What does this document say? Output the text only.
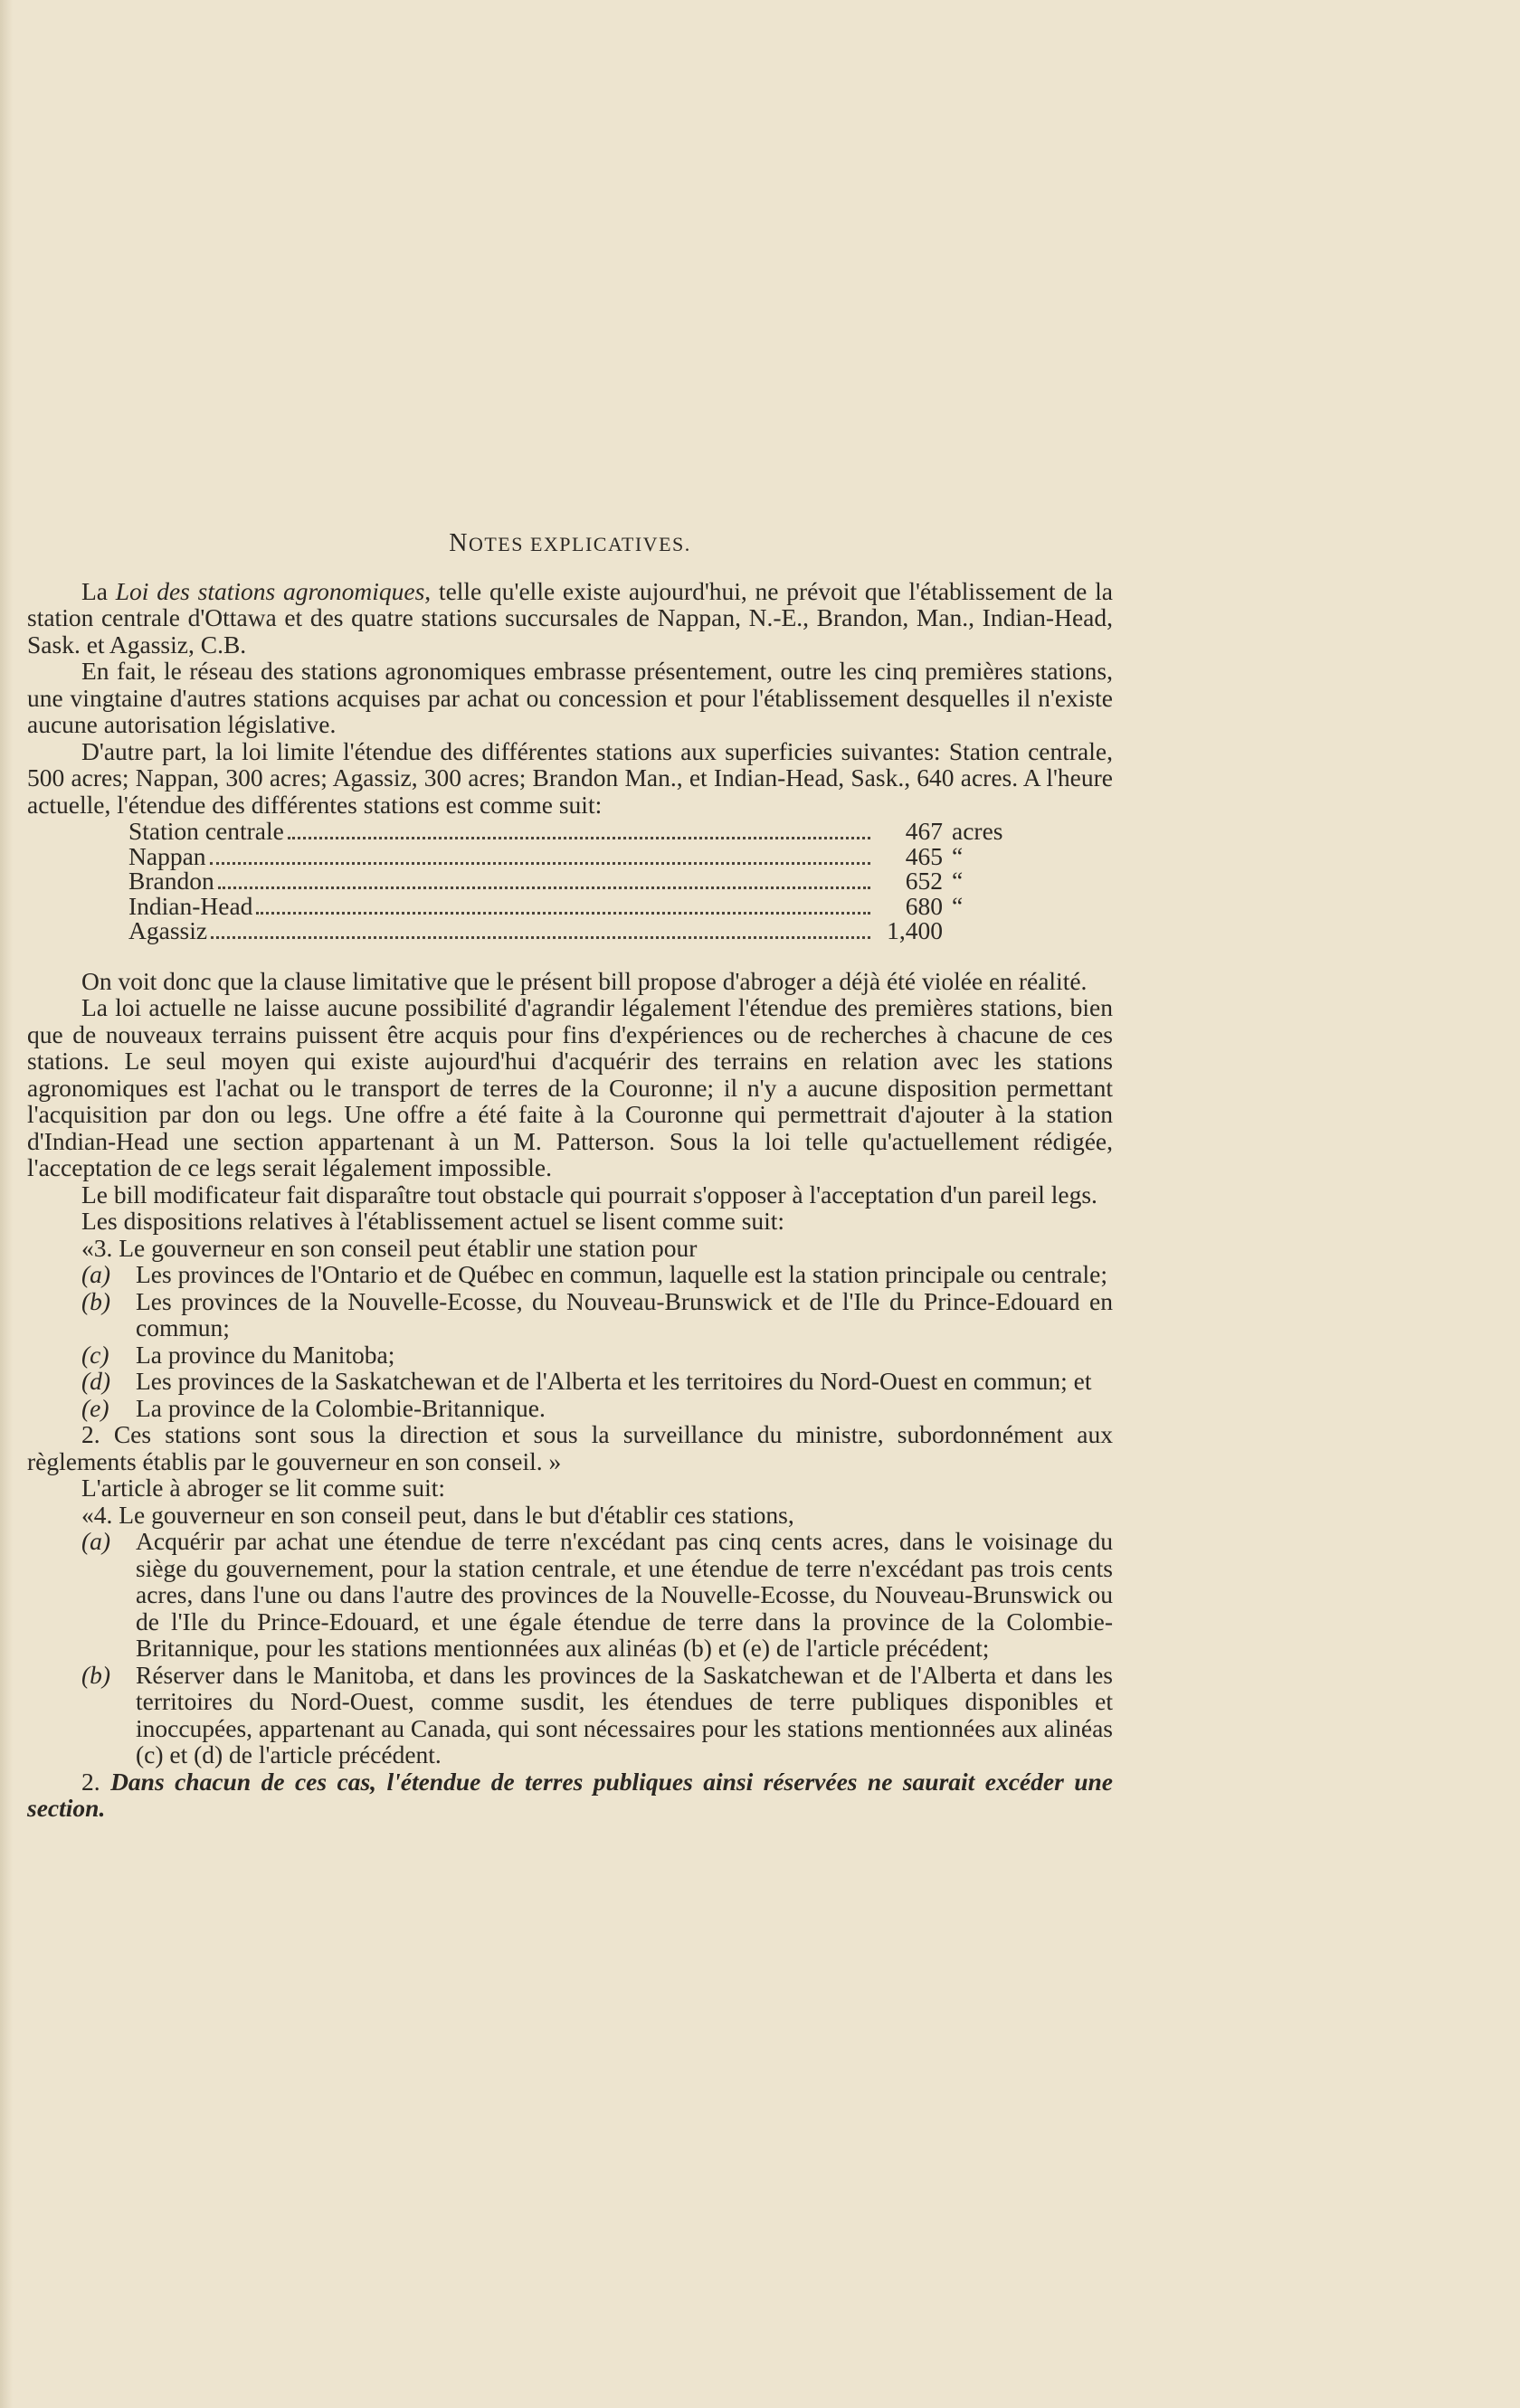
NOTES EXPLICATIVES.

La Loi des stations agronomiques, telle qu'elle existe aujourd'hui, ne prévoit que l'établissement de la station centrale d'Ottawa et des quatre stations succursales de Nappan, N.-E., Brandon, Man., Indian-Head, Sask. et Agassiz, C.B.

En fait, le réseau des stations agronomiques embrasse présentement, outre les cinq premières stations, une vingtaine d'autres stations acquises par achat ou concession et pour l'établissement desquelles il n'existe aucune autorisation législative.

D'autre part, la loi limite l'étendue des différentes stations aux superficies suivantes: Station centrale, 500 acres; Nappan, 300 acres; Agassiz, 300 acres; Brandon Man., et Indian-Head, Sask., 640 acres. A l'heure actuelle, l'étendue des différentes stations est comme suit:

Station centrale	467 acres
Nappan	465 “
Brandon	652 “
Indian-Head	680 “
Agassiz	1,400

On voit donc que la clause limitative que le présent bill propose d'abroger a déjà été violée en réalité.

La loi actuelle ne laisse aucune possibilité d'agrandir légalement l'étendue des premières stations, bien que de nouveaux terrains puissent être acquis pour fins d'expériences ou de recherches à chacune de ces stations. Le seul moyen qui existe aujourd'hui d'acquérir des terrains en relation avec les stations agronomiques est l'achat ou le transport de terres de la Couronne; il n'y a aucune disposition permettant l'acquisition par don ou legs. Une offre a été faite à la Couronne qui permettrait d'ajouter à la station d'Indian-Head une section appartenant à un M. Patterson. Sous la loi telle qu'actuellement rédigée, l'acceptation de ce legs serait légalement impossible.

Le bill modificateur fait disparaître tout obstacle qui pourrait s'opposer à l'acceptation d'un pareil legs.

Les dispositions relatives à l'établissement actuel se lisent comme suit:

«3. Le gouverneur en son conseil peut établir une station pour

(a)	Les provinces de l'Ontario et de Québec en commun, laquelle est la station principale ou centrale;
(b)	Les provinces de la Nouvelle-Ecosse, du Nouveau-Brunswick et de l'Ile du Prince-Edouard en commun;
(c)	La province du Manitoba;
(d)	Les provinces de la Saskatchewan et de l'Alberta et les territoires du Nord-Ouest en commun; et
(e)	La province de la Colombie-Britannique.

2. Ces stations sont sous la direction et sous la surveillance du ministre, subordonnément aux règlements établis par le gouverneur en son conseil. »

L'article à abroger se lit comme suit:

«4. Le gouverneur en son conseil peut, dans le but d'établir ces stations,

(a)	Acquérir par achat une étendue de terre n'excédant pas cinq cents acres, dans le voisinage du siège du gouvernement, pour la station centrale, et une étendue de terre n'excédant pas trois cents acres, dans l'une ou dans l'autre des provinces de la Nouvelle-Ecosse, du Nouveau-Brunswick ou de l'Ile du Prince-Edouard, et une égale étendue de terre dans la province de la Colombie-Britannique, pour les stations mentionnées aux alinéas (b) et (e) de l'article précédent;
(b)	Réserver dans le Manitoba, et dans les provinces de la Saskatchewan et de l'Alberta et dans les territoires du Nord-Ouest, comme susdit, les étendues de terre publiques disponibles et inoccupées, appartenant au Canada, qui sont nécessaires pour les stations mentionnées aux alinéas (c) et (d) de l'article précédent.

2. Dans chacun de ces cas, l'étendue de terres publiques ainsi réservées ne saurait excéder une section.
